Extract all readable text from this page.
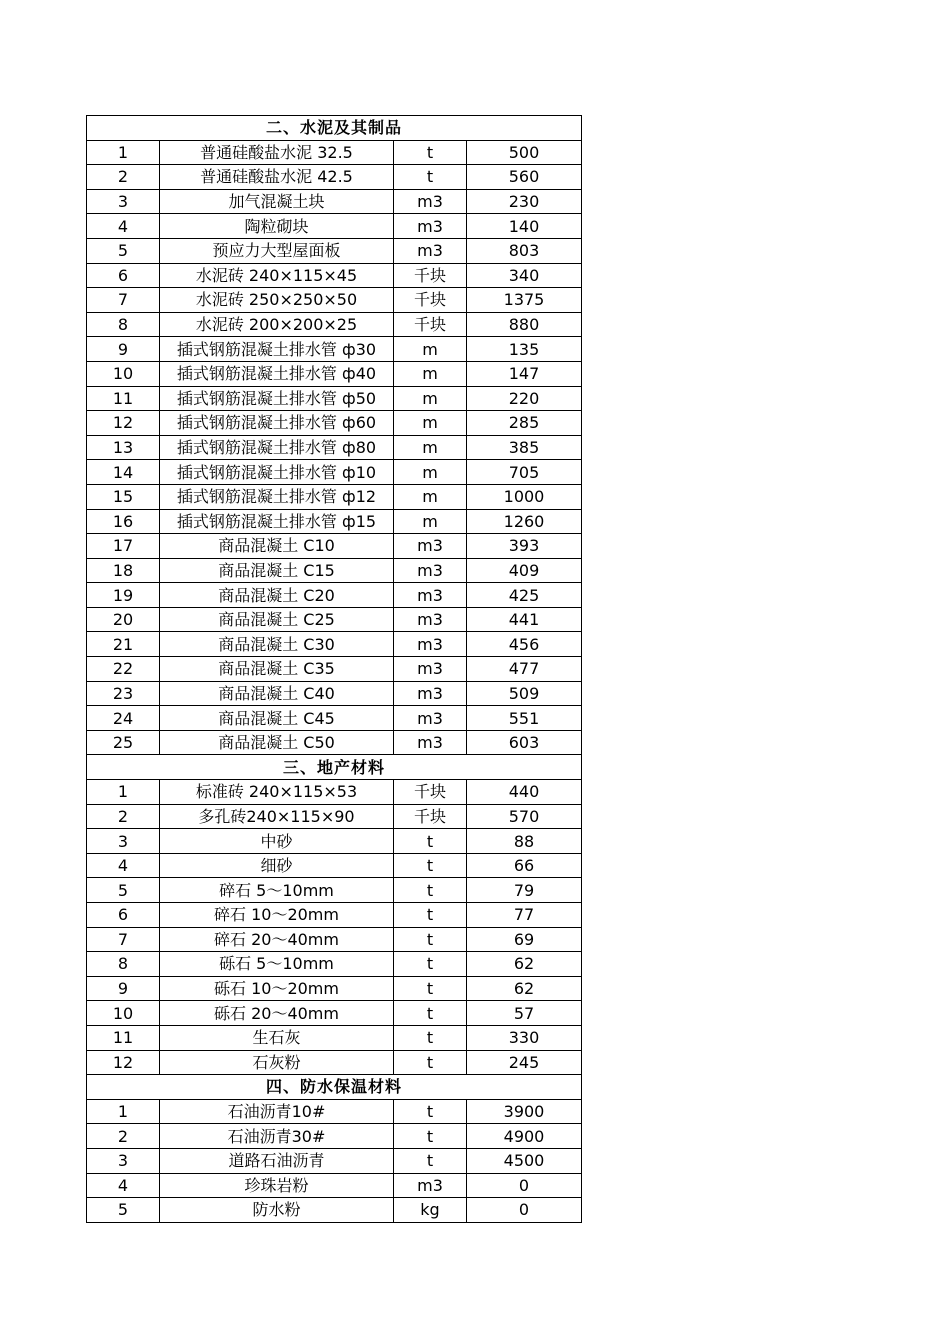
二、水泥及其制品			
1	普通硅酸盐水泥 32.5	t	500
2	普通硅酸盐水泥 42.5	t	560
3	加气混凝土块	m3	230
4	陶粒砌块	m3	140
5	预应力大型屋面板	m3	803
6	水泥砖 240×115×45	千块	340
7	水泥砖 250×250×50	千块	1375
8	水泥砖 200×200×25	千块	880
9	插式钢筋混凝土排水管 ф30	m	135
10	插式钢筋混凝土排水管 ф40	m	147
11	插式钢筋混凝土排水管 ф50	m	220
12	插式钢筋混凝土排水管 ф60	m	285
13	插式钢筋混凝土排水管 ф80	m	385
14	插式钢筋混凝土排水管 ф10	m	705
15	插式钢筋混凝土排水管 ф12	m	1000
16	插式钢筋混凝土排水管 ф15	m	1260
17	商品混凝土 C10	m3	393
18	商品混凝土 C15	m3	409
19	商品混凝土 C20	m3	425
20	商品混凝土 C25	m3	441
21	商品混凝土 C30	m3	456
22	商品混凝土 C35	m3	477
23	商品混凝土 C40	m3	509
24	商品混凝土 C45	m3	551
25	商品混凝土 C50	m3	603
三、地产材料			
1	标准砖 240×115×53	千块	440
2	多孔砖240×115×90	千块	570
3	中砂	t	88
4	细砂	t	66
5	碎石 5～10mm	t	79
6	碎石 10～20mm	t	77
7	碎石 20～40mm	t	69
8	砾石 5～10mm	t	62
9	砾石 10～20mm	t	62
10	砾石 20～40mm	t	57
11	生石灰	t	330
12	石灰粉	t	245
四、防水保温材料			
1	石油沥青10#	t	3900
2	石油沥青30#	t	4900
3	道路石油沥青	t	4500
4	珍珠岩粉	m3	0
5	防水粉	kg	0
